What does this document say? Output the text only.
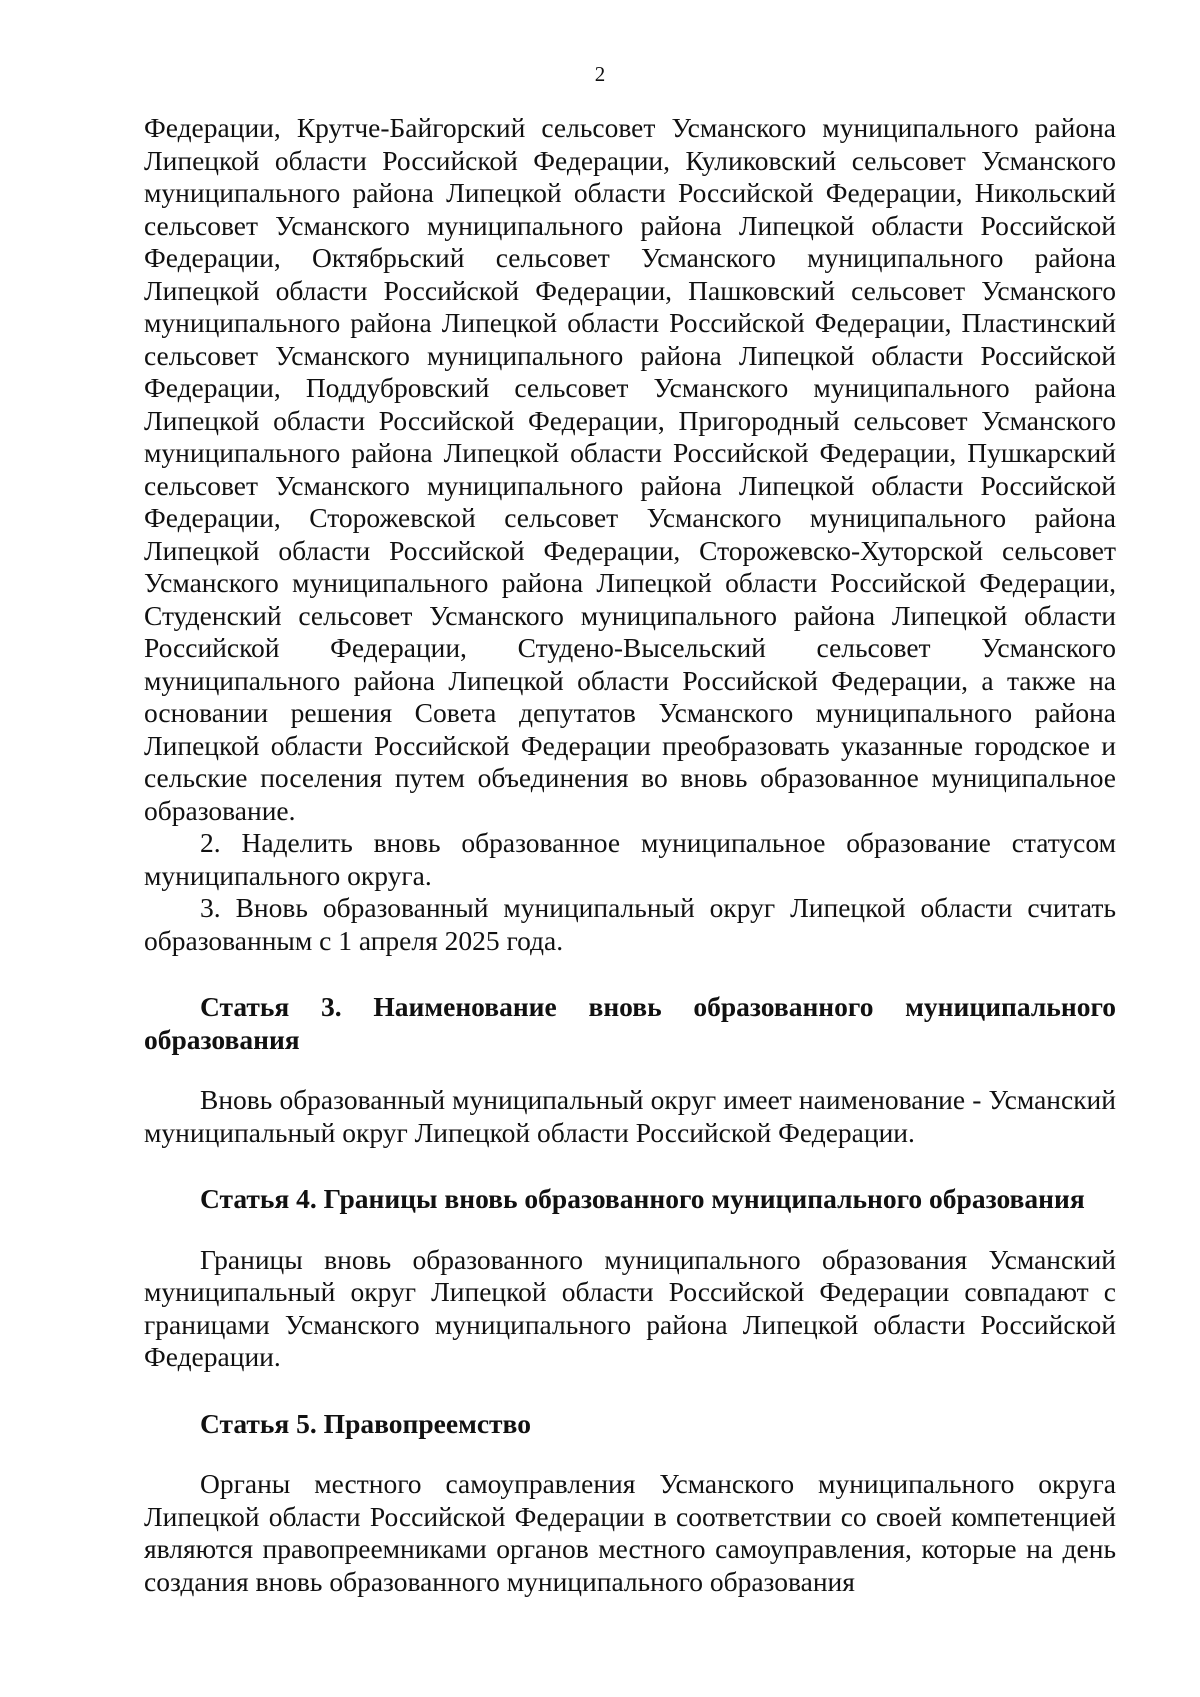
2

Федерации, Крутче-Байгорский сельсовет Усманского муниципального района Липецкой области Российской Федерации, Куликовский сельсовет Усманского муниципального района Липецкой области Российской Федерации, Никольский сельсовет Усманского муниципального района Липецкой области Российской Федерации, Октябрьский сельсовет Усманского муниципального района Липецкой области Российской Федерации, Пашковский сельсовет Усманского муниципального района Липецкой области Российской Федерации, Пластинский сельсовет Усманского муниципального района Липецкой области Российской Федерации, Поддубровский сельсовет Усманского муниципального района Липецкой области Российской Федерации, Пригородный сельсовет Усманского муниципального района Липецкой области Российской Федерации, Пушкарский сельсовет Усманского муниципального района Липецкой области Российской Федерации, Сторожевской сельсовет Усманского муниципального района Липецкой области Российской Федерации, Сторожевско-Хуторской сельсовет Усманского муниципального района Липецкой области Российской Федерации, Студенский сельсовет Усманского муниципального района Липецкой области Российской Федерации, Студено-Высельский сельсовет Усманского муниципального района Липецкой области Российской Федерации, а также на основании решения Совета депутатов Усманского муниципального района Липецкой области Российской Федерации преобразовать указанные городское и сельские поселения путем объединения во вновь образованное муниципальное образование.

2. Наделить вновь образованное муниципальное образование статусом муниципального округа.

3. Вновь образованный муниципальный округ Липецкой области считать образованным с 1 апреля 2025 года.

Статья 3. Наименование вновь образованного муниципального образования

Вновь образованный муниципальный округ имеет наименование - Усманский муниципальный округ Липецкой области Российской Федерации.

Статья 4. Границы вновь образованного муниципального образования

Границы вновь образованного муниципального образования Усманский муниципальный округ Липецкой области Российской Федерации совпадают с границами Усманского муниципального района Липецкой области Российской Федерации.

Статья 5. Правопреемство

Органы местного самоуправления Усманского муниципального округа Липецкой области Российской Федерации в соответствии со своей компетенцией являются правопреемниками органов местного самоуправления, которые на день создания вновь образованного муниципального образования
